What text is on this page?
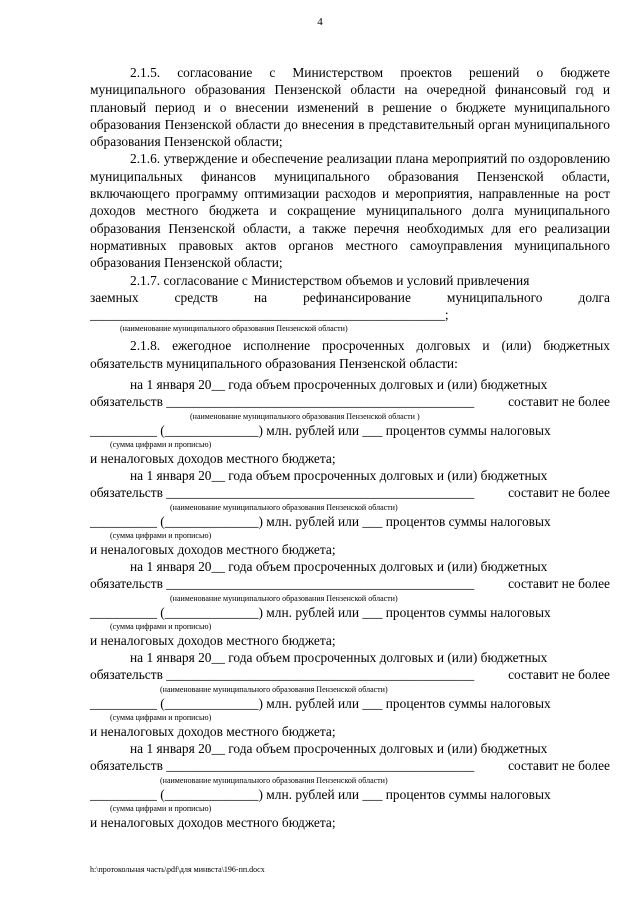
4

2.1.5. согласование с Министерством проектов решений о бюджете муниципального образования Пензенской области на очередной финансовый год и плановый период и о внесении изменений в решение о бюджете муниципального образования Пензенской области до внесения в представительный орган муниципального образования Пензенской области;

2.1.6. утверждение и обеспечение реализации плана мероприятий по оздоровлению муниципальных финансов муниципального образования Пензенской области, включающего программу оптимизации расходов и мероприятия, направленные на рост доходов местного бюджета и сокращение муниципального долга муниципального образования Пензенской области, а также перечня необходимых для его реализации нормативных правовых актов органов местного самоуправления муниципального образования Пензенской области;

2.1.7. согласование с Министерством объемов и условий привлечения

заемных средств на рефинансирование муниципального долга

_____________________________________________________;

(наименование муниципального образования Пензенской области)

2.1.8. ежегодное исполнение просроченных долговых и (или) бюджетных обязательств муниципального образования Пензенской области:

на 1 января 20__ года объем просроченных долговых и (или) бюджетных

обязательств ______________________________________________	составит не более

(наименование муниципального образования Пензенской области )

__________ (______________) млн. рублей или ___ процентов суммы налоговых

(сумма цифрами и прописью)

и неналоговых доходов местного бюджета;

на 1 января 20__ года объем просроченных долговых и (или) бюджетных

обязательств ______________________________________________	составит не более

(наименование муниципального образования Пензенской области)

__________ (______________) млн. рублей или ___ процентов суммы налоговых

(сумма цифрами и прописью)

и неналоговых доходов местного бюджета;

на 1 января 20__ года объем просроченных долговых и (или) бюджетных

обязательств ______________________________________________	составит не более

(наименование муниципального образования Пензенской области)

__________ (______________) млн. рублей или ___ процентов суммы налоговых

(сумма цифрами и прописью)

и неналоговых доходов местного бюджета;

на 1 января 20__ года объем просроченных долговых и (или) бюджетных

обязательств ______________________________________________	составит не более

(наименование муниципального образования Пензенской области)

__________ (______________) млн. рублей или ___ процентов суммы налоговых

(сумма цифрами и прописью)

и неналоговых доходов местного бюджета;

на 1 января 20__ года объем просроченных долговых и (или) бюджетных

обязательств ______________________________________________	составит не более

(наименование муниципального образования Пензенской области)

__________ (______________) млн. рублей или ___ процентов суммы налоговых

(сумма цифрами и прописью)

и неналоговых доходов местного бюджета;

h:\протокольная часть\pdf\для минвста\196-пп.docx
